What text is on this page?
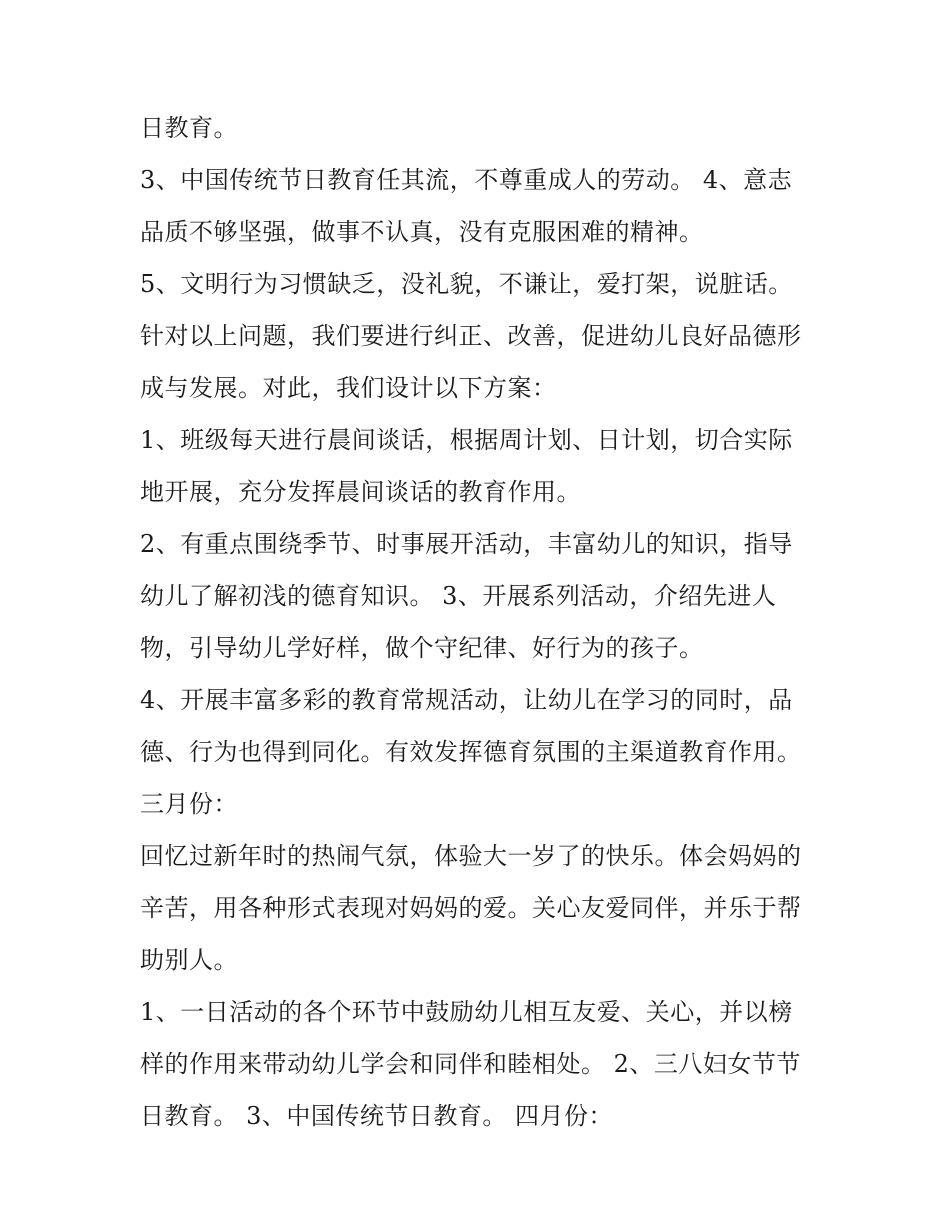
日教育。
3、中国传统节日教育任其流，不尊重成人的劳动。 4、意志
品质不够坚强，做事不认真，没有克服困难的精神。
5、文明行为习惯缺乏，没礼貌，不谦让，爱打架，说脏话。
针对以上问题，我们要进行纠正、改善，促进幼儿良好品德形
成与发展。对此，我们设计以下方案：
1、班级每天进行晨间谈话，根据周计划、日计划，切合实际
地开展，充分发挥晨间谈话的教育作用。
2、有重点围绕季节、时事展开活动，丰富幼儿的知识，指导
幼儿了解初浅的德育知识。 3、开展系列活动，介绍先进人
物，引导幼儿学好样，做个守纪律、好行为的孩子。
4、开展丰富多彩的教育常规活动，让幼儿在学习的同时，品
德、行为也得到同化。有效发挥德育氛围的主渠道教育作用。
三月份：
回忆过新年时的热闹气氛，体验大一岁了的快乐。体会妈妈的
辛苦，用各种形式表现对妈妈的爱。关心友爱同伴，并乐于帮
助别人。
1、一日活动的各个环节中鼓励幼儿相互友爱、关心，并以榜
样的作用来带动幼儿学会和同伴和睦相处。 2、三八妇女节节
日教育。 3、中国传统节日教育。 四月份：
